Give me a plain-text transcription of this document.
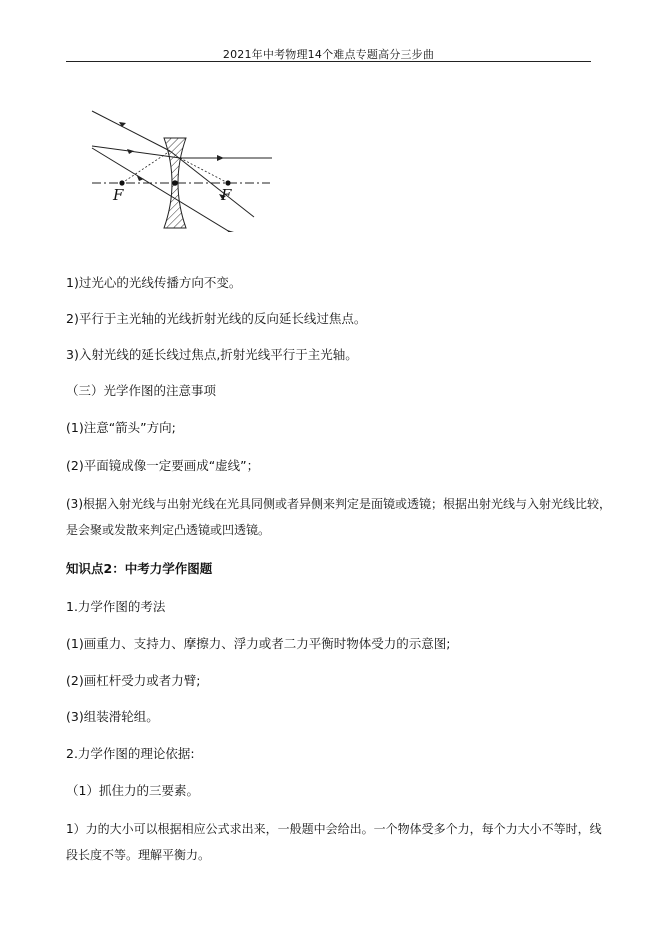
2021年中考物理14个难点专题高分三步曲
F	F
1)过光心的光线传播方向不变。
2)平行于主光轴的光线折射光线的反向延长线过焦点。
3)入射光线的延长线过焦点,折射光线平行于主光轴。
（三）光学作图的注意事项
(1)注意“箭头”方向;
(2)平面镜成像一定要画成“虚线”；
(3)根据入射光线与出射光线在光具同侧或者异侧来判定是面镜或透镜；根据出射光线与入射光线比较，
是会聚或发散来判定凸透镜或凹透镜。
知识点2：中考力学作图题
1.力学作图的考法
(1)画重力、支持力、摩擦力、浮力或者二力平衡时物体受力的示意图;
(2)画杠杆受力或者力臂;
(3)组装滑轮组。
2.力学作图的理论依据:
（1）抓住力的三要素。
1）力的大小可以根据相应公式求出来，一般题中会给出。一个物体受多个力，每个力大小不等时，线
段长度不等。理解平衡力。
